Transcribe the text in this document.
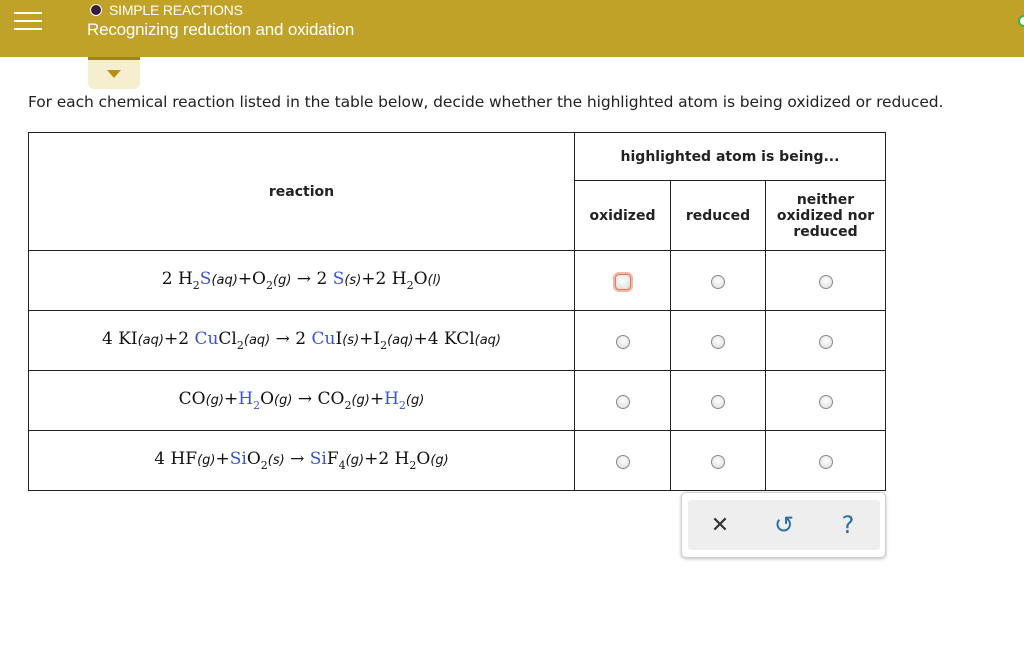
SIMPLE REACTIONS
Recognizing reduction and oxidation
For each chemical reaction listed in the table below, decide whether the highlighted atom is being oxidized or reduced.
reaction	highlighted atom is being...		
	oxidized	reduced	neither oxidized nor reduced
2 $H_2S(aq)+O_2(g) \to 2$ S(s)+2 $H_2O(l)$			
4 KI(aq)+2 CuCl$_2$(aq) → 2 $CuI(s)+I_2(aq)+4$ KCl(aq)			
$CO(g)+H_2O(g) \to CO_2(g)+H_2(g)$			
4 HF(g)+SiO$_2$(s) → SiF$_4$(g)+2 $H_2O(g)$			
✕	↺	?
